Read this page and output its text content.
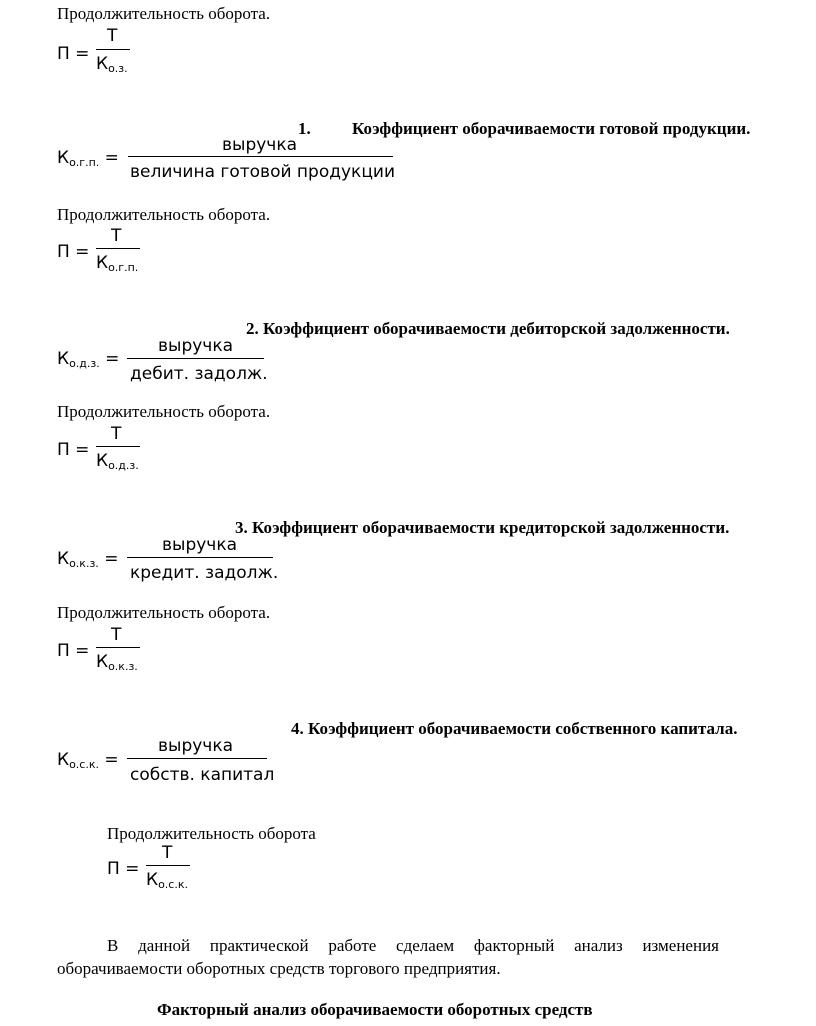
Продолжительность оборота.

П =
Т
$К_{о.з.}$

1. Коэффициент оборачиваемости готовой продукции.

$К_{о.г.п.}$ =
выручка
величина готовой продукции

Продолжительность оборота.

П =
Т
$К_{о.г.п.}$

2. Коэффициент оборачиваемости дебиторской задолженности.

$К_{о.д.з.}$ =
выручка
дебит. задолж.

Продолжительность оборота.

П =
Т
$К_{о.д.з.}$

3. Коэффициент оборачиваемости кредиторской задолженности.

$К_{о.к.з.}$ =
выручка
кредит. задолж.

Продолжительность оборота.

П =
Т
$К_{о.к.з.}$

4. Коэффициент оборачиваемости собственного капитала.

$К_{о.с.к.}$ =
выручка
собств. капитал

Продолжительность оборота

П =
Т
$К_{о.с.к.}$

В данной практической работе сделаем факторный анализ изменения оборачиваемости оборотных средств торгового предприятия.

Факторный анализ оборачиваемости оборотных средств
